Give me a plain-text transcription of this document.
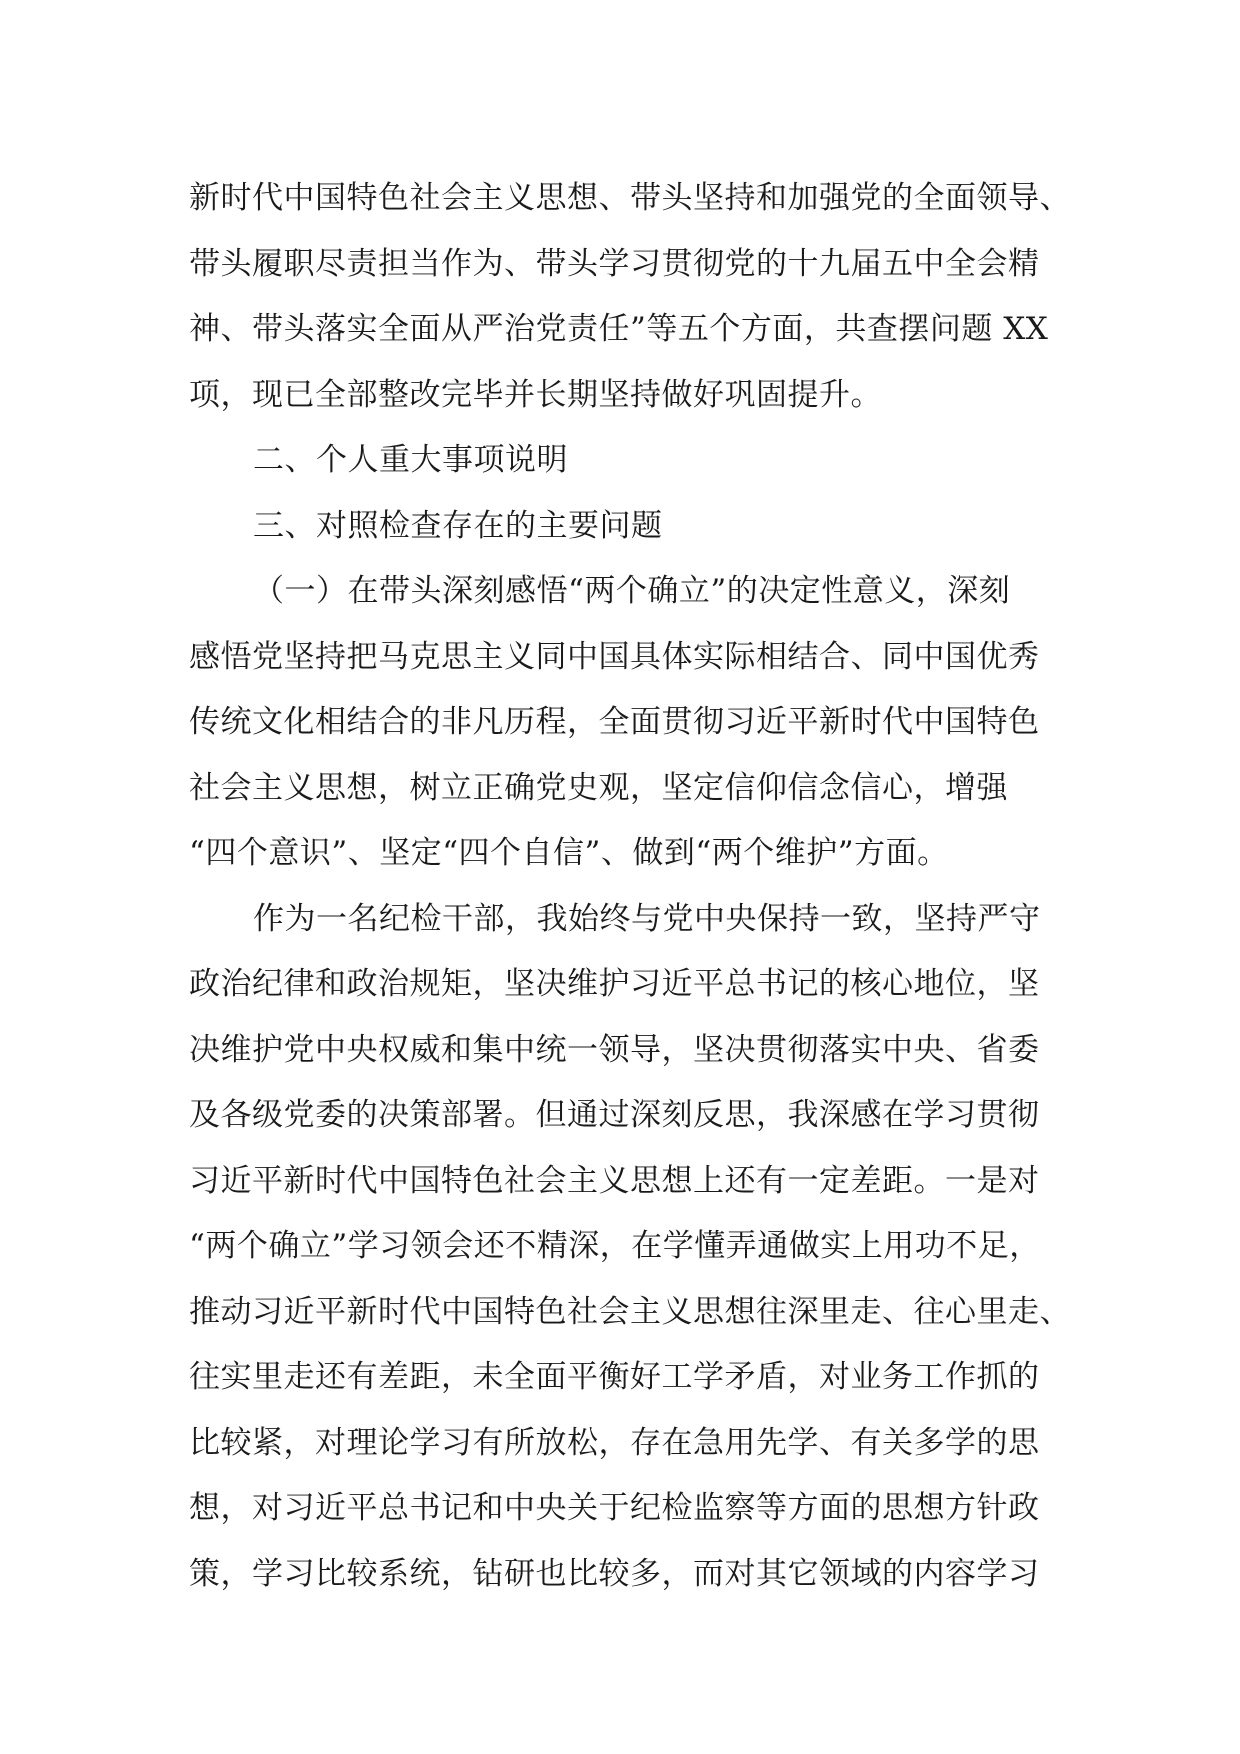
新时代中国特色社会主义思想、带头坚持和加强党的全面领导、
带头履职尽责担当作为、带头学习贯彻党的十九届五中全会精
神、带头落实全面从严治党责任”等五个方面，共查摆问题 XX
项，现已全部整改完毕并长期坚持做好巩固提升。
二、个人重大事项说明
三、对照检查存在的主要问题
（一）在带头深刻感悟“两个确立”的决定性意义，深刻
感悟党坚持把马克思主义同中国具体实际相结合、同中国优秀
传统文化相结合的非凡历程，全面贯彻习近平新时代中国特色
社会主义思想，树立正确党史观，坚定信仰信念信心，增强
“四个意识”、坚定“四个自信”、做到“两个维护”方面。
作为一名纪检干部，我始终与党中央保持一致，坚持严守
政治纪律和政治规矩，坚决维护习近平总书记的核心地位，坚
决维护党中央权威和集中统一领导，坚决贯彻落实中央、省委
及各级党委的决策部署。但通过深刻反思，我深感在学习贯彻
习近平新时代中国特色社会主义思想上还有一定差距。一是对
“两个确立”学习领会还不精深，在学懂弄通做实上用功不足，
推动习近平新时代中国特色社会主义思想往深里走、往心里走、
往实里走还有差距，未全面平衡好工学矛盾，对业务工作抓的
比较紧，对理论学习有所放松，存在急用先学、有关多学的思
想，对习近平总书记和中央关于纪检监察等方面的思想方针政
策，学习比较系统，钻研也比较多，而对其它领域的内容学习
